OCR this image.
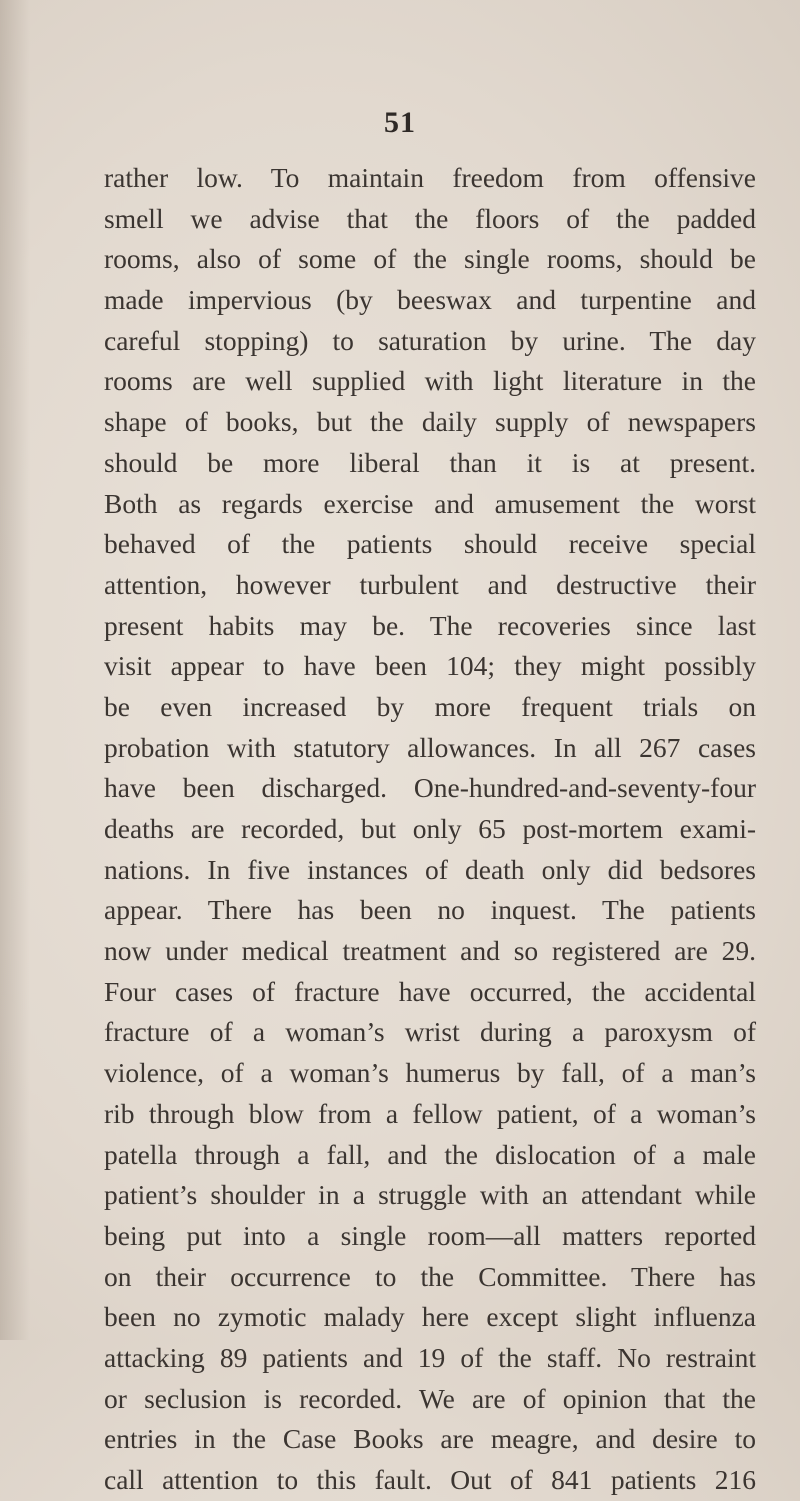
51
rather low. To maintain freedom from offensive
smell we advise that the floors of the padded
rooms, also of some of the single rooms, should be
made impervious (by beeswax and turpentine and
careful stopping) to saturation by urine. The day
rooms are well supplied with light literature in the
shape of books, but the daily supply of newspapers
should be more liberal than it is at present.
Both as regards exercise and amusement the worst
behaved of the patients should receive special
attention, however turbulent and destructive their
present habits may be. The recoveries since last
visit appear to have been 104; they might possibly
be even increased by more frequent trials on
probation with statutory allowances. In all 267 cases
have been discharged. One-hundred-and-seventy-four
deaths are recorded, but only 65 post-mortem exami-
nations. In five instances of death only did bedsores
appear. There has been no inquest. The patients
now under medical treatment and so registered are 29.
Four cases of fracture have occurred, the accidental
fracture of a woman’s wrist during a paroxysm of
violence, of a woman’s humerus by fall, of a man’s
rib through blow from a fellow patient, of a woman’s
patella through a fall, and the dislocation of a male
patient’s shoulder in a struggle with an attendant while
being put into a single room—all matters reported
on their occurrence to the Committee. There has
been no zymotic malady here except slight influenza
attacking 89 patients and 19 of the staff. No restraint
or seclusion is recorded. We are of opinion that the
entries in the Case Books are meagre, and desire to
call attention to this fault. Out of 841 patients 216
